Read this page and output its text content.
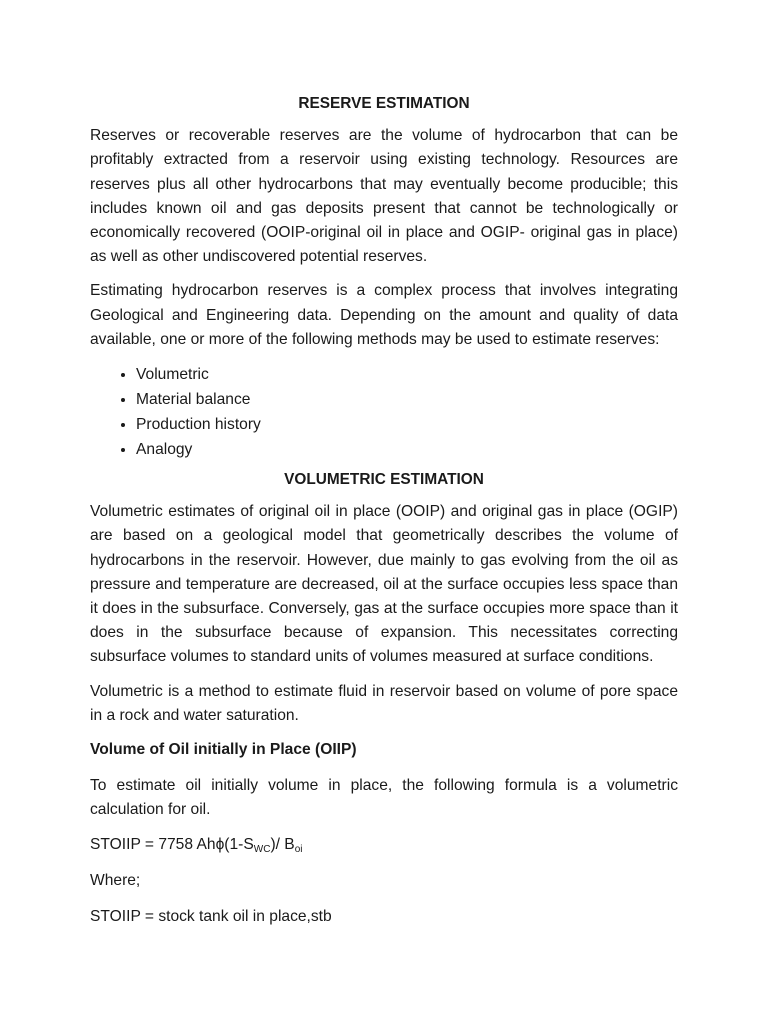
RESERVE ESTIMATION

Reserves or recoverable reserves are the volume of hydrocarbon that can be profitably extracted from a reservoir using existing technology. Resources are reserves plus all other hydrocarbons that may eventually become producible; this includes known oil and gas deposits present that cannot be technologically or economically recovered (OOIP-original oil in place and OGIP- original gas in place) as well as other undiscovered potential reserves.

Estimating hydrocarbon reserves is a complex process that involves integrating Geological and Engineering data. Depending on the amount and quality of data available, one or more of the following methods may be used to estimate reserves:

• Volumetric
• Material balance
• Production history
• Analogy
VOLUMETRIC ESTIMATION

Volumetric estimates of original oil in place (OOIP) and original gas in place (OGIP) are based on a geological model that geometrically describes the volume of hydrocarbons in the reservoir. However, due mainly to gas evolving from the oil as pressure and temperature are decreased, oil at the surface occupies less space than it does in the subsurface. Conversely, gas at the surface occupies more space than it does in the subsurface because of expansion. This necessitates correcting subsurface volumes to standard units of volumes measured at surface conditions.

Volumetric is a method to estimate fluid in reservoir based on volume of pore space in a rock and water saturation.

Volume of Oil initially in Place (OIIP)

To estimate oil initially volume in place, the following formula is a volumetric calculation for oil.

STOIIP = 7758 $Ah\phi(1-S_{WC})/$ $B_{oi}$
Where;
STOIIP = stock tank oil in place,stb
